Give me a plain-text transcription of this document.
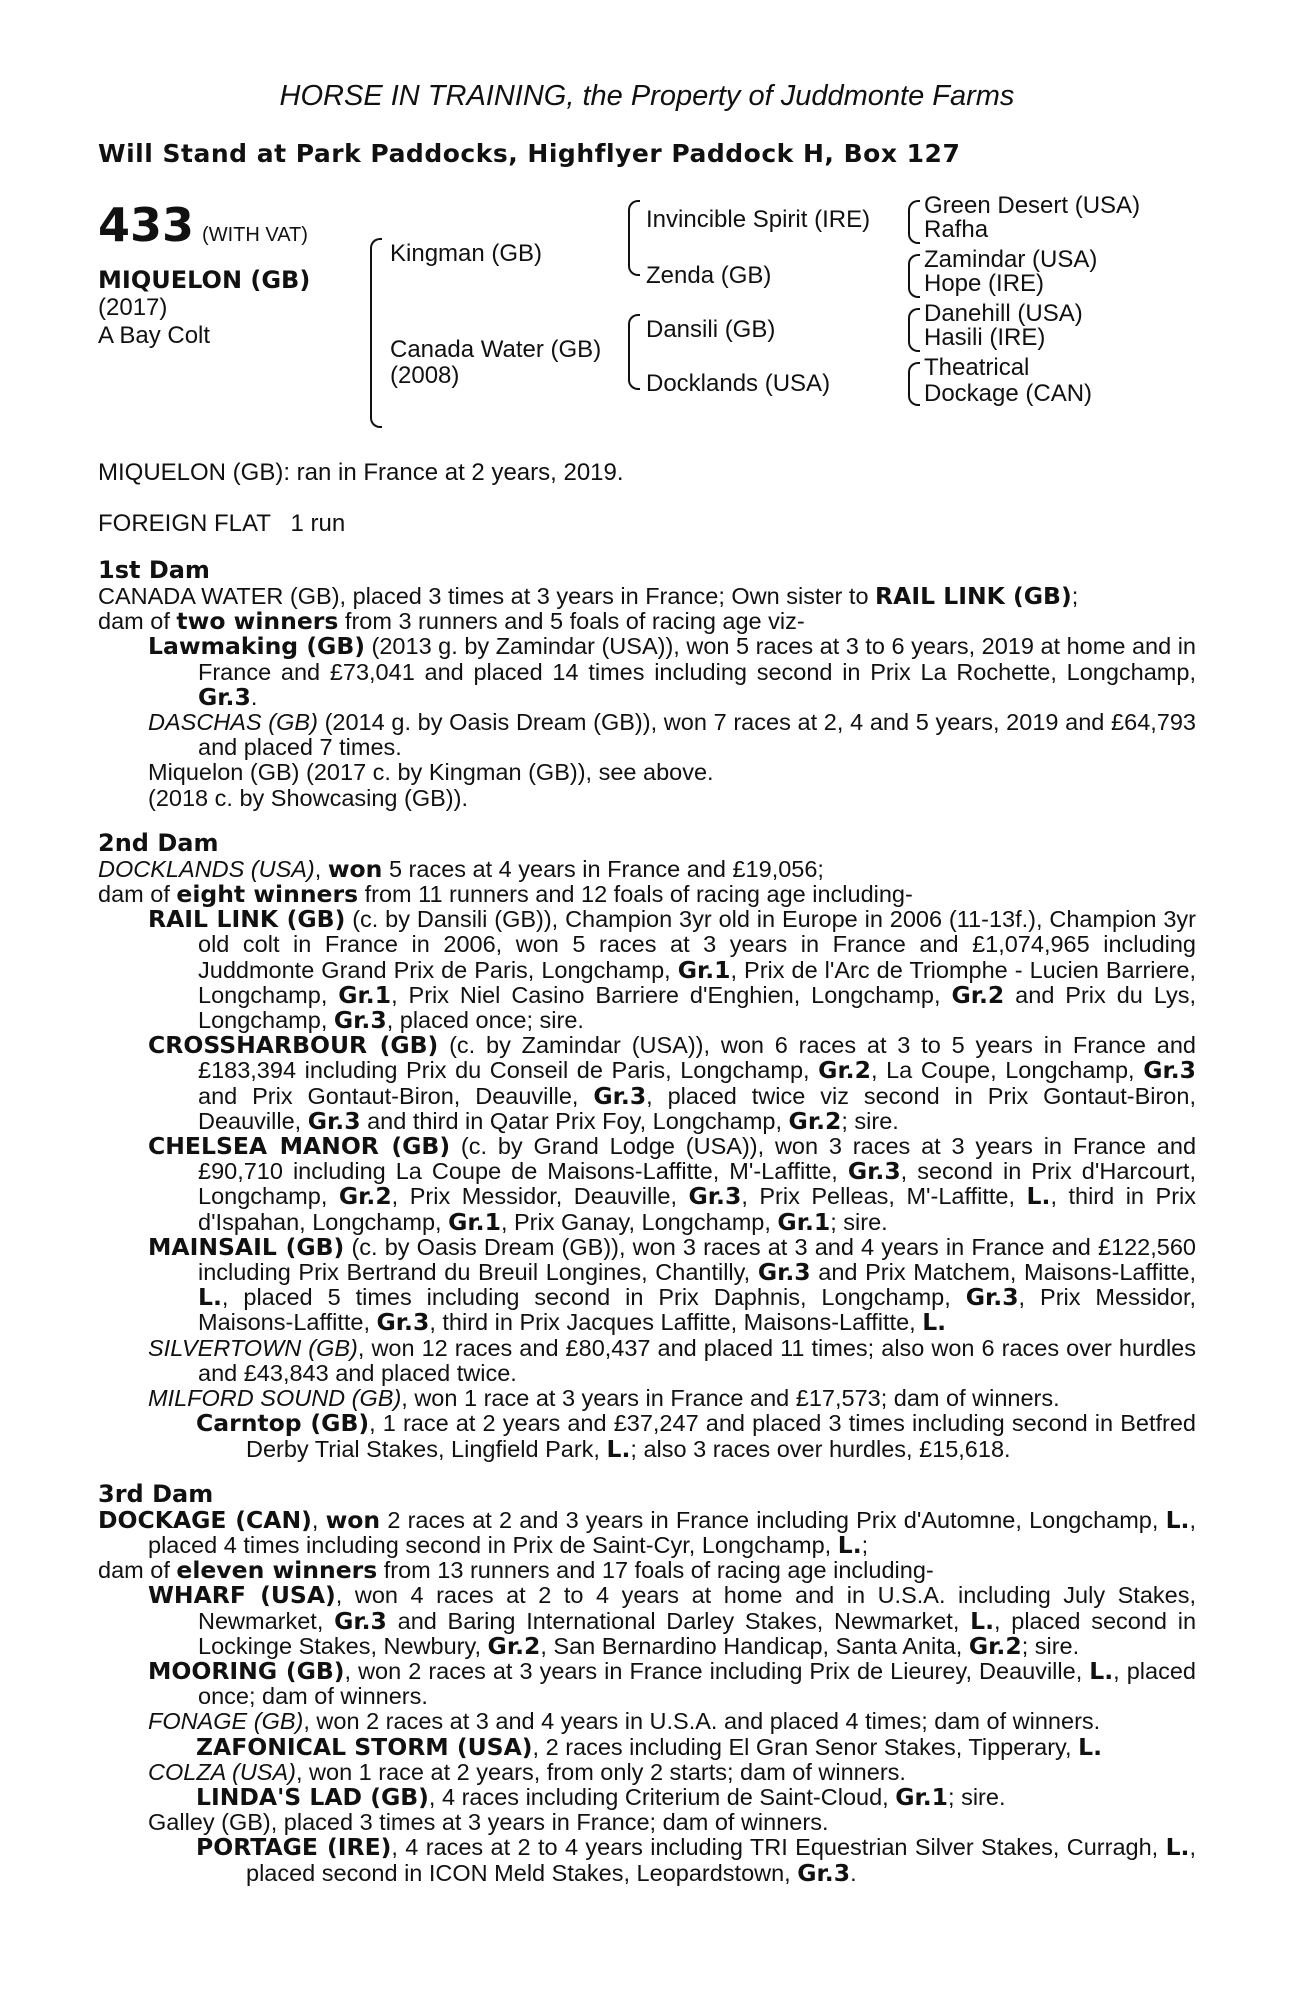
HORSE IN TRAINING, the Property of Juddmonte Farms

Will Stand at Park Paddocks, Highflyer Paddock H, Box 127
433 (WITH VAT)
MIQUELON (GB)
(2017)
A Bay Colt
Kingman (GB)
Canada Water (GB)
(2008)
Invincible Spirit (IRE)
Zenda (GB)
Dansili (GB)
Docklands (USA)
Green Desert (USA)
Rafha
Zamindar (USA)
Hope (IRE)
Danehill (USA)
Hasili (IRE)
Theatrical
Dockage (CAN)

MIQUELON (GB): ran in France at 2 years, 2019.

FOREIGN FLAT   1 run

1st Dam

CANADA WATER (GB), placed 3 times at 3 years in France; Own sister to RAIL LINK (GB);

dam of two winners from 3 runners and 5 foals of racing age viz-

Lawmaking (GB) (2013 g. by Zamindar (USA)), won 5 races at 3 to 6 years, 2019 at home and in France and £73,041 and placed 14 times including second in Prix La Rochette, Longchamp, Gr.3.

DASCHAS (GB) (2014 g. by Oasis Dream (GB)), won 7 races at 2, 4 and 5 years, 2019 and £64,793 and placed 7 times.

Miquelon (GB) (2017 c. by Kingman (GB)), see above.

(2018 c. by Showcasing (GB)).

2nd Dam

DOCKLANDS (USA), won 5 races at 4 years in France and £19,056;

dam of eight winners from 11 runners and 12 foals of racing age including-

RAIL LINK (GB) (c. by Dansili (GB)), Champion 3yr old in Europe in 2006 (11-13f.), Champion 3yr old colt in France in 2006, won 5 races at 3 years in France and £1,074,965 including Juddmonte Grand Prix de Paris, Longchamp, Gr.1, Prix de l'Arc de Triomphe - Lucien Barriere, Longchamp, Gr.1, Prix Niel Casino Barriere d'Enghien, Longchamp, Gr.2 and Prix du Lys, Longchamp, Gr.3, placed once; sire.

CROSSHARBOUR (GB) (c. by Zamindar (USA)), won 6 races at 3 to 5 years in France and £183,394 including Prix du Conseil de Paris, Longchamp, Gr.2, La Coupe, Longchamp, Gr.3 and Prix Gontaut-Biron, Deauville, Gr.3, placed twice viz second in Prix Gontaut-Biron, Deauville, Gr.3 and third in Qatar Prix Foy, Longchamp, Gr.2; sire.

CHELSEA MANOR (GB) (c. by Grand Lodge (USA)), won 3 races at 3 years in France and £90,710 including La Coupe de Maisons-Laffitte, M'-Laffitte, Gr.3, second in Prix d'Harcourt, Longchamp, Gr.2, Prix Messidor, Deauville, Gr.3, Prix Pelleas, M'-Laffitte, L., third in Prix d'Ispahan, Longchamp, Gr.1, Prix Ganay, Longchamp, Gr.1; sire.

MAINSAIL (GB) (c. by Oasis Dream (GB)), won 3 races at 3 and 4 years in France and £122,560 including Prix Bertrand du Breuil Longines, Chantilly, Gr.3 and Prix Matchem, Maisons-Laffitte, L., placed 5 times including second in Prix Daphnis, Longchamp, Gr.3, Prix Messidor, Maisons-Laffitte, Gr.3, third in Prix Jacques Laffitte, Maisons-Laffitte, L.

SILVERTOWN (GB), won 12 races and £80,437 and placed 11 times; also won 6 races over hurdles and £43,843 and placed twice.

MILFORD SOUND (GB), won 1 race at 3 years in France and £17,573; dam of winners.

Carntop (GB), 1 race at 2 years and £37,247 and placed 3 times including second in Betfred Derby Trial Stakes, Lingfield Park, L.; also 3 races over hurdles, £15,618.

3rd Dam

DOCKAGE (CAN), won 2 races at 2 and 3 years in France including Prix d'Automne, Longchamp, L., placed 4 times including second in Prix de Saint-Cyr, Longchamp, L.;

dam of eleven winners from 13 runners and 17 foals of racing age including-

WHARF (USA), won 4 races at 2 to 4 years at home and in U.S.A. including July Stakes, Newmarket, Gr.3 and Baring International Darley Stakes, Newmarket, L., placed second in Lockinge Stakes, Newbury, Gr.2, San Bernardino Handicap, Santa Anita, Gr.2; sire.

MOORING (GB), won 2 races at 3 years in France including Prix de Lieurey, Deauville, L., placed once; dam of winners.

FONAGE (GB), won 2 races at 3 and 4 years in U.S.A. and placed 4 times; dam of winners.

ZAFONICAL STORM (USA), 2 races including El Gran Senor Stakes, Tipperary, L.

COLZA (USA), won 1 race at 2 years, from only 2 starts; dam of winners.

LINDA'S LAD (GB), 4 races including Criterium de Saint-Cloud, Gr.1; sire.

Galley (GB), placed 3 times at 3 years in France; dam of winners.

PORTAGE (IRE), 4 races at 2 to 4 years including TRI Equestrian Silver Stakes, Curragh, L., placed second in ICON Meld Stakes, Leopardstown, Gr.3.
